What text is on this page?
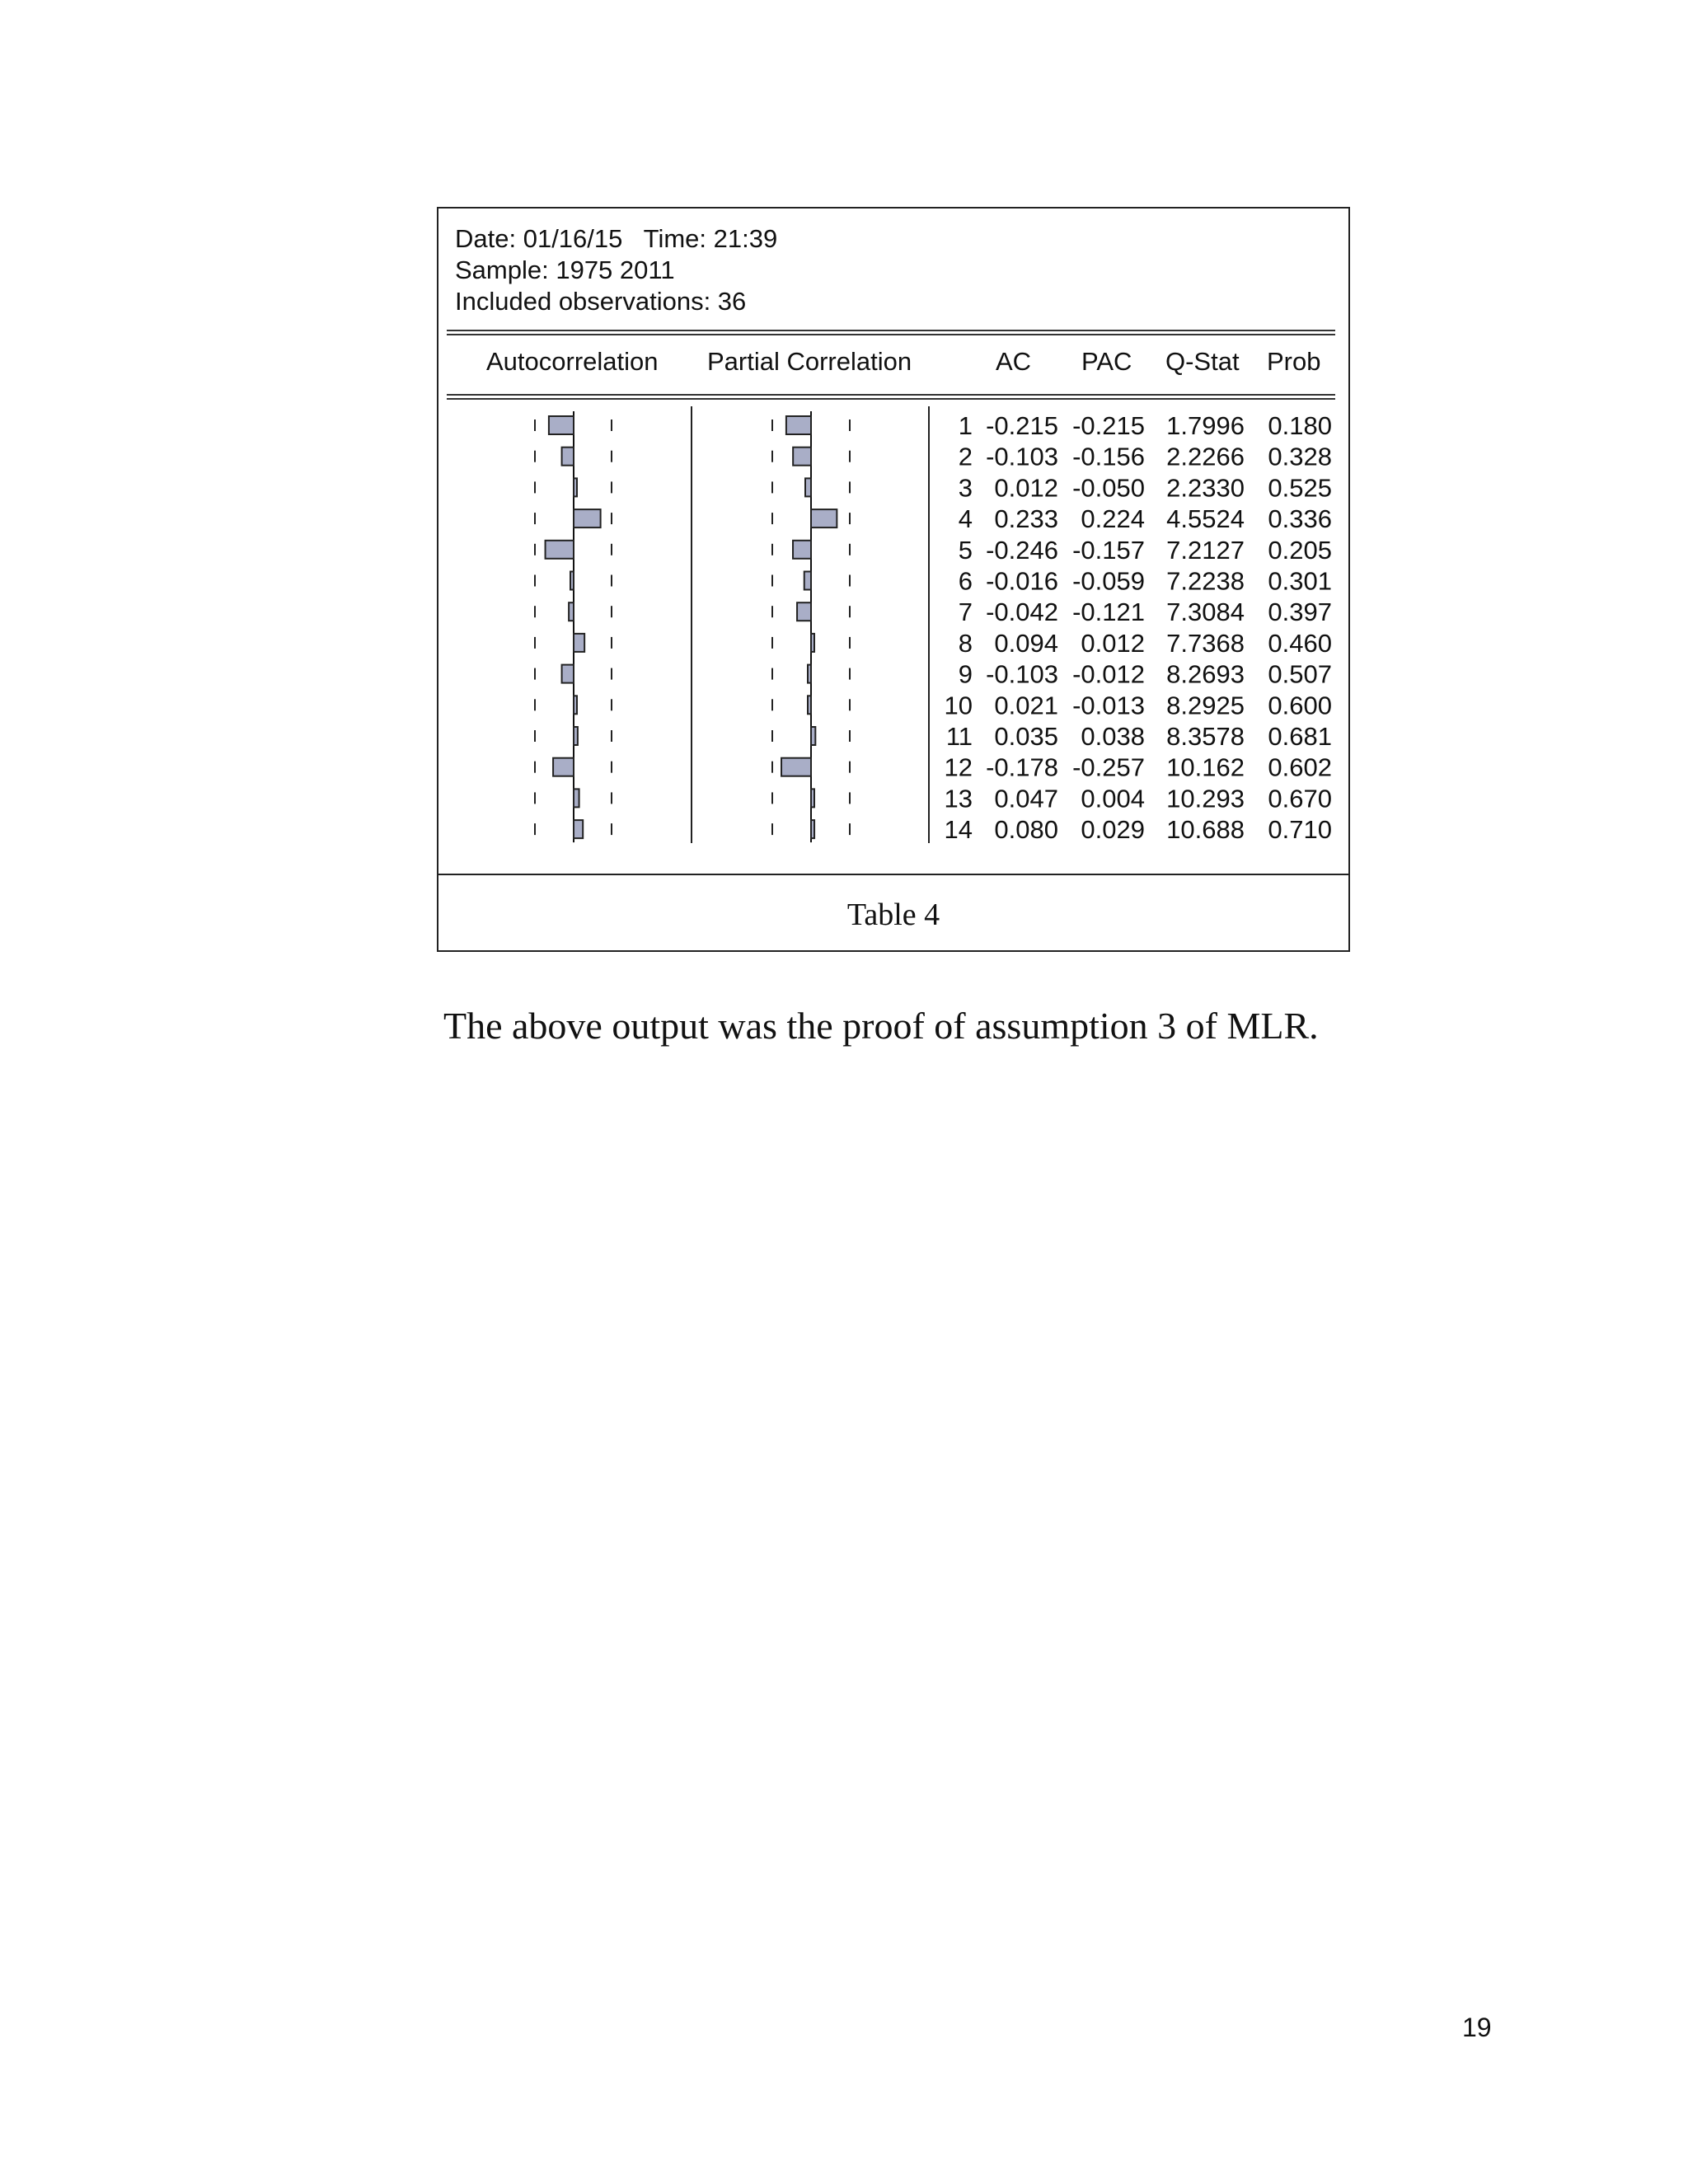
Date: 01/16/15   Time: 21:39
Sample: 1975 2011
Included observations: 36
Autocorrelation Partial Correlation	AC PAC Q-Stat Prob
1 -0.215 -0.215 1.7996 0.180
2 -0.103 -0.156 2.2266 0.328
3 0.012 -0.050 2.2330 0.525
4 0.233 0.224 4.5524 0.336
5 -0.246 -0.157 7.2127 0.205
6 -0.016 -0.059 7.2238 0.301
7 -0.042 -0.121 7.3084 0.397
8 0.094 0.012 7.7368 0.460
9 -0.103 -0.012 8.2693 0.507
10 0.021 -0.013 8.2925 0.600
11 0.035 0.038 8.3578 0.681
12 -0.178 -0.257 10.162 0.602
13 0.047 0.004 10.293 0.670
14 0.080 0.029 10.688 0.710
Table 4
The above output was the proof of assumption 3 of MLR.
19
